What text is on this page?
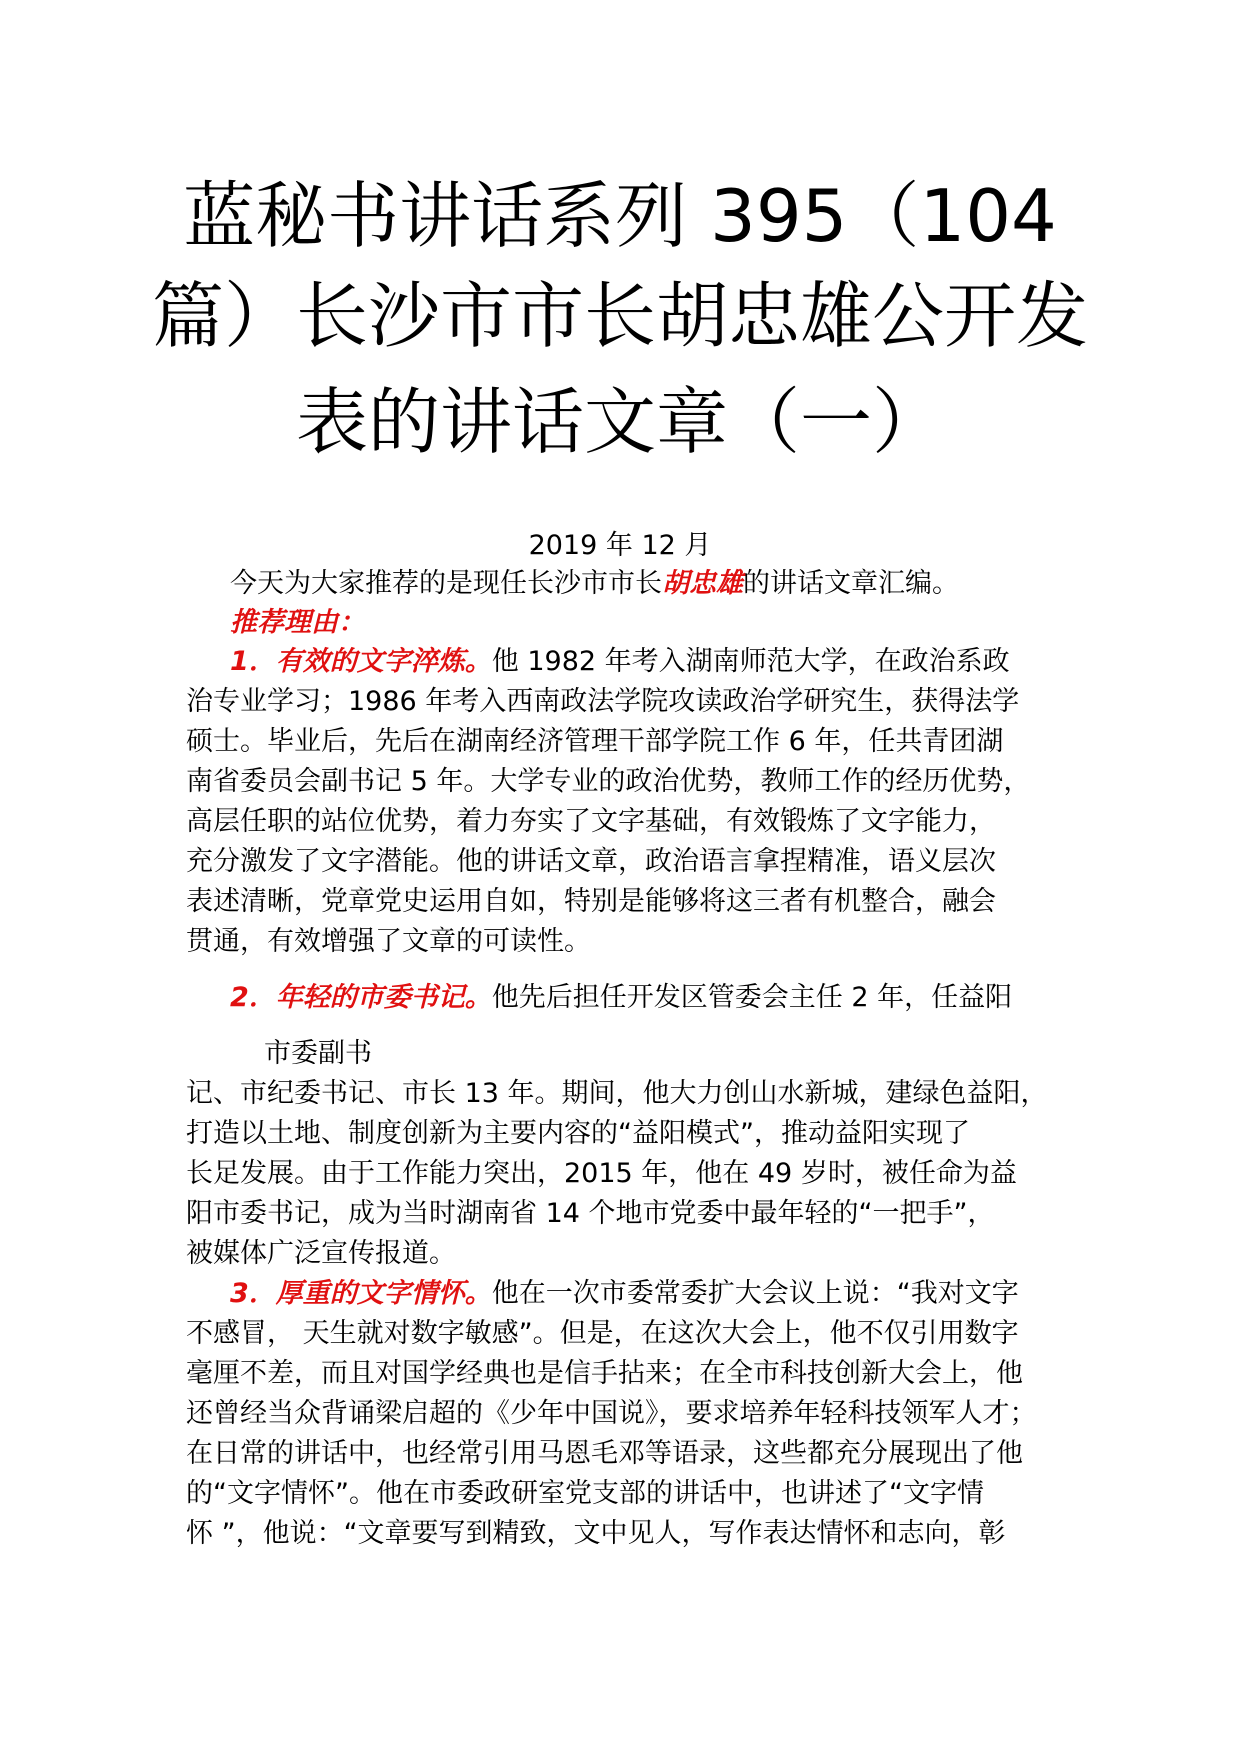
蓝秘书讲话系列 395（104
篇）长沙市市长胡忠雄公开发
表的讲话文章（一）
2019 年 12 月
今天为大家推荐的是现任长沙市市长胡忠雄的讲话文章汇编。
推荐理由：
1．有效的文字淬炼。他 1982 年考入湖南师范大学，在政治系政
治专业学习；1986 年考入西南政法学院攻读政治学研究生，获得法学
硕士。毕业后，先后在湖南经济管理干部学院工作 6 年，任共青团湖
南省委员会副书记 5 年。大学专业的政治优势，教师工作的经历优势，
高层任职的站位优势，着力夯实了文字基础，有效锻炼了文字能力，
充分激发了文字潜能。他的讲话文章，政治语言拿捏精准，语义层次
表述清晰，党章党史运用自如，特别是能够将这三者有机整合，融会
贯通，有效增强了文章的可读性。
2．年轻的市委书记。他先后担任开发区管委会主任 2 年，任益阳
市委副书
记、市纪委书记、市长 13 年。期间，他大力创山水新城，建绿色益阳，
打造以土地、制度创新为主要内容的“益阳模式”，推动益阳实现了
长足发展。由于工作能力突出，2015 年，他在 49 岁时，被任命为益
阳市委书记，成为当时湖南省 14 个地市党委中最年轻的“一把手”，
被媒体广泛宣传报道。
3．厚重的文字情怀。他在一次市委常委扩大会议上说：“我对文字
不感冒， 天生就对数字敏感”。但是，在这次大会上，他不仅引用数字
毫厘不差，而且对国学经典也是信手拈来；在全市科技创新大会上，他
还曾经当众背诵梁启超的《少年中国说》，要求培养年轻科技领军人才；
在日常的讲话中，也经常引用马恩毛邓等语录，这些都充分展现出了他
的“文字情怀”。他在市委政研室党支部的讲话中，也讲述了“文字情
怀 ”，他说：“文章要写到精致，文中见人，写作表达情怀和志向，彰
